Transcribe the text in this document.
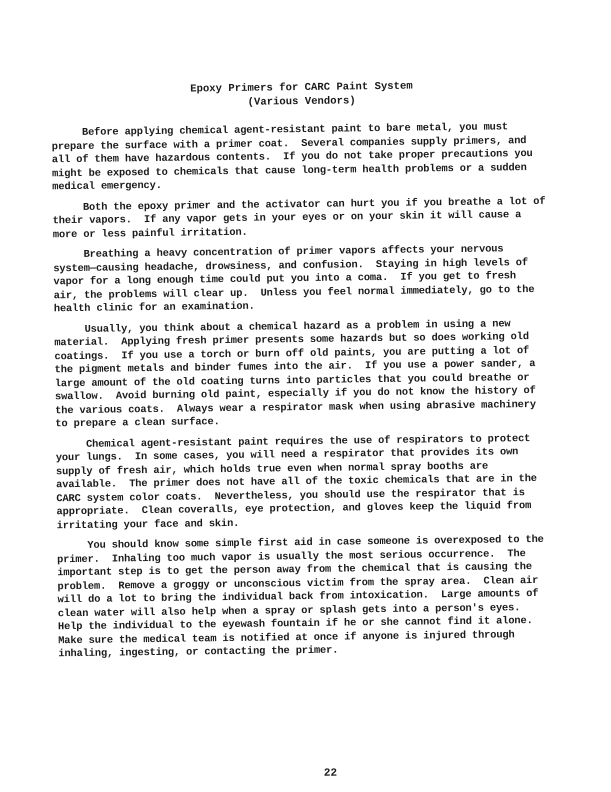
Epoxy Primers for CARC Paint System
(Various Vendors)

Before applying chemical agent-resistant paint to bare metal, you must
prepare the surface with a primer coat.  Several companies supply primers, and
all of them have hazardous contents.  If you do not take proper precautions you
might be exposed to chemicals that cause long-term health problems or a sudden
medical emergency.

Both the epoxy primer and the activator can hurt you if you breathe a lot of
their vapors.  If any vapor gets in your eyes or on your skin it will cause a
more or less painful irritation.

Breathing a heavy concentration of primer vapors affects your nervous
system—causing headache, drowsiness, and confusion.  Staying in high levels of
vapor for a long enough time could put you into a coma.  If you get to fresh
air, the problems will clear up.  Unless you feel normal immediately, go to the
health clinic for an examination.

Usually, you think about a chemical hazard as a problem in using a new
material.  Applying fresh primer presents some hazards but so does working old
coatings.  If you use a torch or burn off old paints, you are putting a lot of
the pigment metals and binder fumes into the air.  If you use a power sander, a
large amount of the old coating turns into particles that you could breathe or
swallow.  Avoid burning old paint, especially if you do not know the history of
the various coats.  Always wear a respirator mask when using abrasive machinery
to prepare a clean surface.

Chemical agent-resistant paint requires the use of respirators to protect
your lungs.  In some cases, you will need a respirator that provides its own
supply of fresh air, which holds true even when normal spray booths are
available.  The primer does not have all of the toxic chemicals that are in the
CARC system color coats.  Nevertheless, you should use the respirator that is
appropriate.  Clean coveralls, eye protection, and gloves keep the liquid from
irritating your face and skin.

You should know some simple first aid in case someone is overexposed to the
primer.  Inhaling too much vapor is usually the most serious occurrence.  The
important step is to get the person away from the chemical that is causing the
problem.  Remove a groggy or unconscious victim from the spray area.  Clean air
will do a lot to bring the individual back from intoxication.  Large amounts of
clean water will also help when a spray or splash gets into a person's eyes.
Help the individual to the eyewash fountain if he or she cannot find it alone.
Make sure the medical team is notified at once if anyone is injured through
inhaling, ingesting, or contacting the primer.

22
